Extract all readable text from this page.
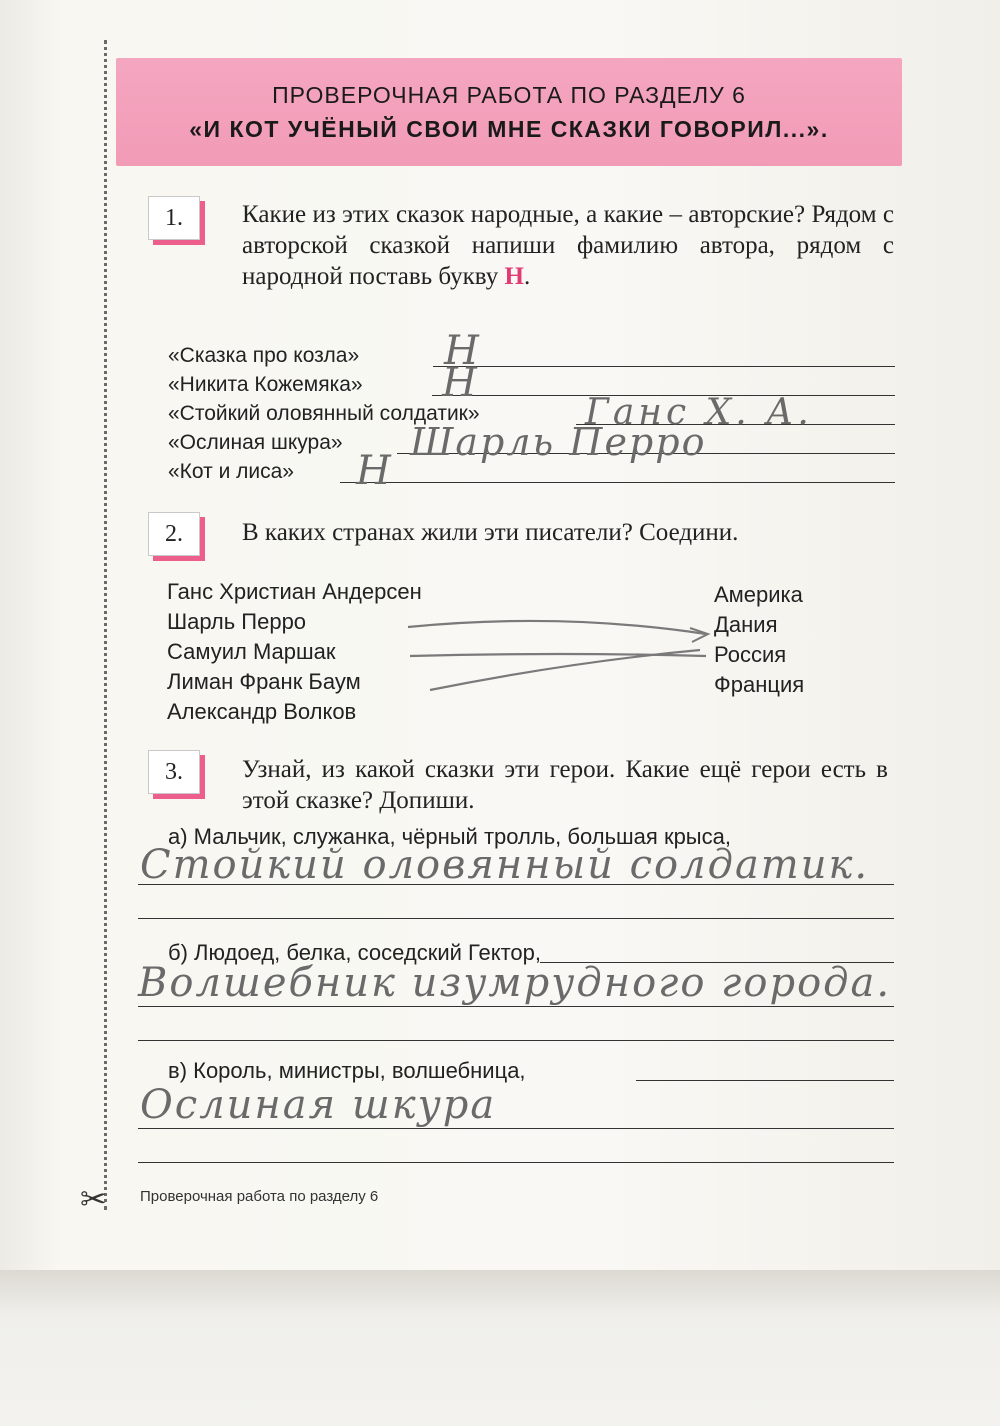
✂
ПРОВЕРОЧНАЯ РАБОТА ПО РАЗДЕЛУ 6
«И КОТ УЧЁНЫЙ СВОИ МНЕ СКАЗКИ ГОВОРИЛ...».
1.	Какие из этих сказок народные, а какие – авторские? Рядом с авторской сказкой напиши фамилию автора, рядом с народной поставь букву Н.
«Сказка про козла» Н
«Никита Кожемяка» Н
«Стойкий оловянный солдатик»	Ганс Х. А.
«Ослиная шкура» Шарль Перро
«Кот и лиса» Н
2.	В каких странах жили эти писатели? Соедини.
Ганс Христиан Андерсен
Шарль Перро
Самуил Маршак
Лиман Франк Баум
Александр Волков
Америка
Дания
Россия
Франция
3.	Узнай, из какой сказки эти герои. Какие ещё герои есть в этой сказке? Допиши.
а) Мальчик, служанка, чёрный тролль, большая крыса,
Стойкий оловянный солдатик.
б) Людоед, белка, соседский Гектор,
Волшебник изумрудного города.
в) Король, министры, волшебница,
Ослиная шкура
Проверочная работа по разделу 6
